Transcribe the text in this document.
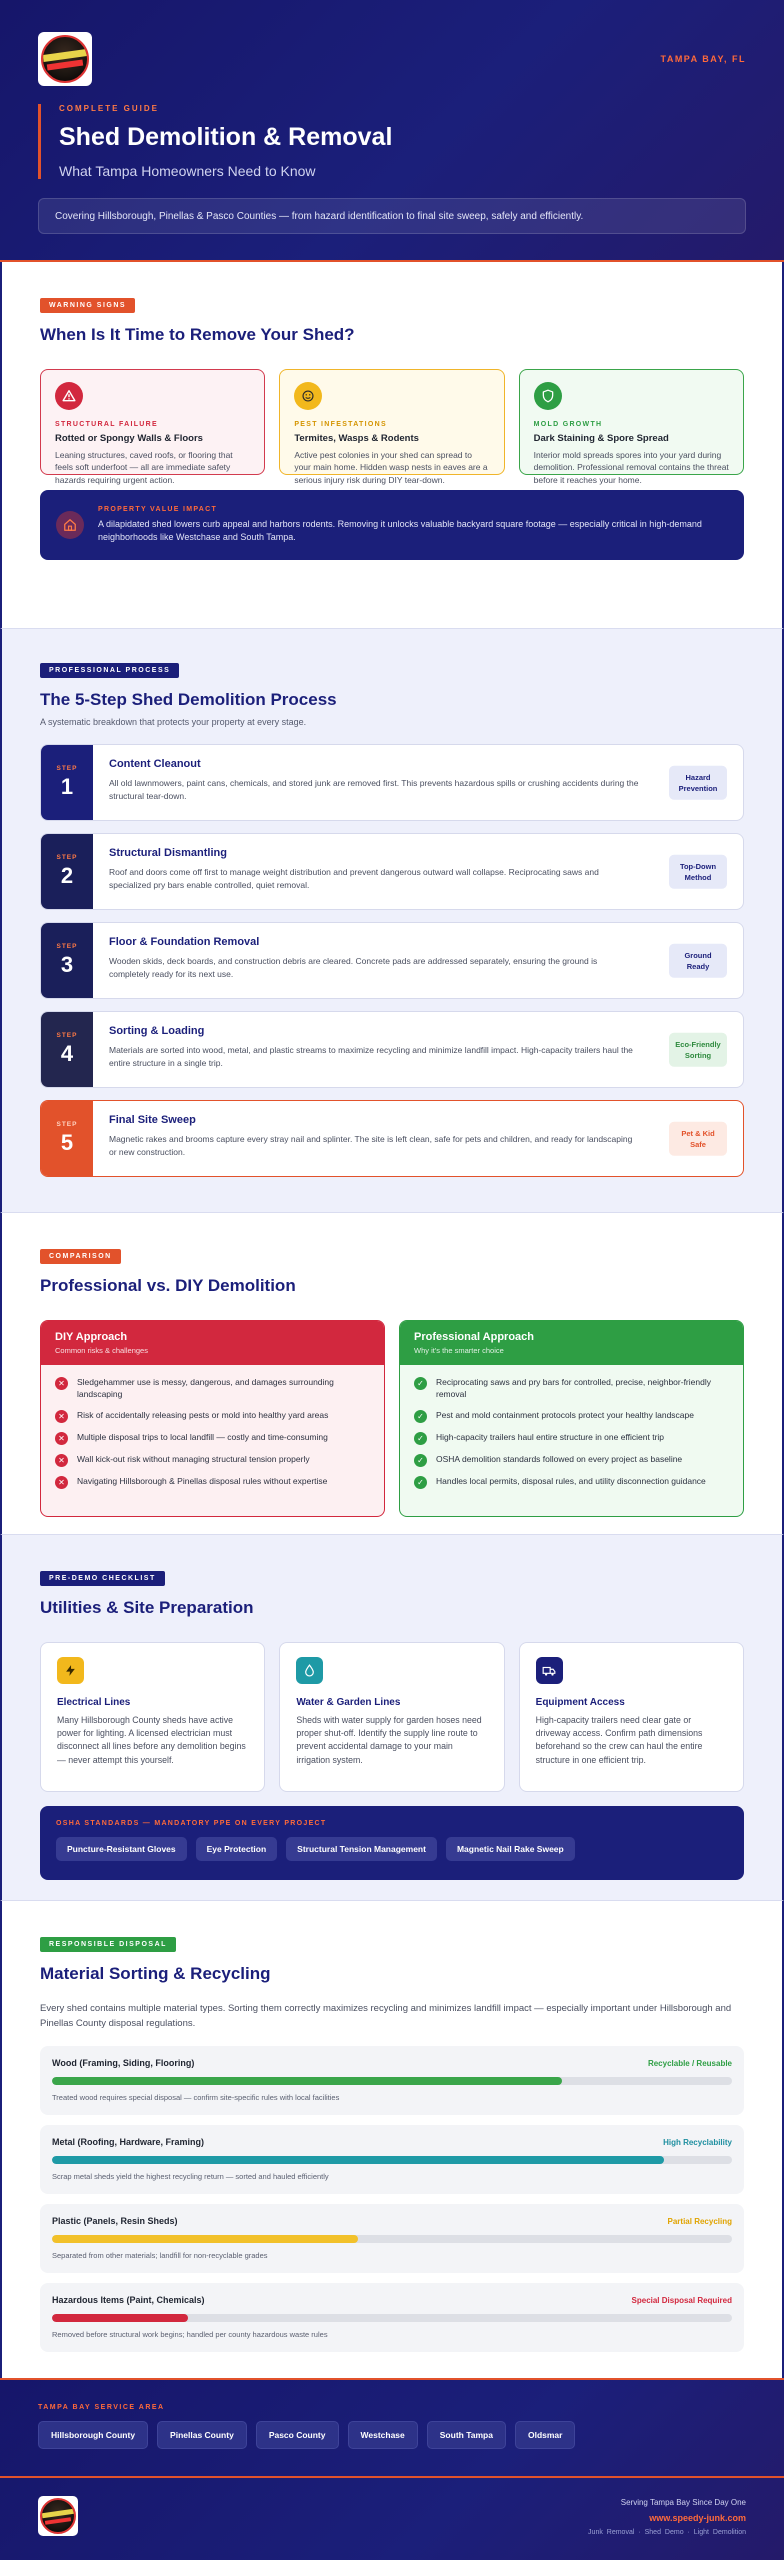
TAMPA BAY, FL
COMPLETE GUIDE
Shed Demolition & Removal
What Tampa Homeowners Need to Know
Covering Hillsborough, Pinellas & Pasco Counties — from hazard identification to final site sweep, safely and efficiently.
WARNING SIGNS
When Is It Time to Remove Your Shed?
STRUCTURAL FAILURE
Rotted or Spongy Walls & Floors
Leaning structures, caved roofs, or flooring that feels soft underfoot — all are immediate safety hazards requiring urgent action.
PEST INFESTATIONS
Termites, Wasps & Rodents
Active pest colonies in your shed can spread to your main home. Hidden wasp nests in eaves are a serious injury risk during DIY tear-down.
MOLD GROWTH
Dark Staining & Spore Spread
Interior mold spreads spores into your yard during demolition. Professional removal contains the threat before it reaches your home.
PROPERTY VALUE IMPACT
A dilapidated shed lowers curb appeal and harbors rodents. Removing it unlocks valuable backyard square footage — especially critical in high-demand neighborhoods like Westchase and South Tampa.
PROFESSIONAL PROCESS
The 5-Step Shed Demolition Process
A systematic breakdown that protects your property at every stage.
STEP
1
Content Cleanout
All old lawnmowers, paint cans, chemicals, and stored junk are removed first. This prevents hazardous spills or crushing accidents during the structural tear-down.
Hazard Prevention
STEP
2
Structural Dismantling
Roof and doors come off first to manage weight distribution and prevent dangerous outward wall collapse. Reciprocating saws and specialized pry bars enable controlled, quiet removal.
Top-Down Method
STEP
3
Floor & Foundation Removal
Wooden skids, deck boards, and construction debris are cleared. Concrete pads are addressed separately, ensuring the ground is completely ready for its next use.
Ground Ready
STEP
4
Sorting & Loading
Materials are sorted into wood, metal, and plastic streams to maximize recycling and minimize landfill impact. High-capacity trailers haul the entire structure in a single trip.
Eco-Friendly Sorting
STEP
5
Final Site Sweep
Magnetic rakes and brooms capture every stray nail and splinter. The site is left clean, safe for pets and children, and ready for landscaping or new construction.
Pet & Kid Safe
COMPARISON
Professional vs. DIY Demolition
DIY Approach
Common risks & challenges
✕	Sledgehammer use is messy, dangerous, and damages surrounding landscaping
✕	Risk of accidentally releasing pests or mold into healthy yard areas
✕	Multiple disposal trips to local landfill — costly and time-consuming
✕	Wall kick-out risk without managing structural tension properly
✕	Navigating Hillsborough & Pinellas disposal rules without expertise
Professional Approach
Why it's the smarter choice
✓	Reciprocating saws and pry bars for controlled, precise, neighbor-friendly removal
✓	Pest and mold containment protocols protect your healthy landscape
✓	High-capacity trailers haul entire structure in one efficient trip
✓	OSHA demolition standards followed on every project as baseline
✓	Handles local permits, disposal rules, and utility disconnection guidance
PRE-DEMO CHECKLIST
Utilities & Site Preparation
Electrical Lines
Many Hillsborough County sheds have active power for lighting. A licensed electrician must disconnect all lines before any demolition begins — never attempt this yourself.
Water & Garden Lines
Sheds with water supply for garden hoses need proper shut-off. Identify the supply line route to prevent accidental damage to your main irrigation system.
Equipment Access
High-capacity trailers need clear gate or driveway access. Confirm path dimensions beforehand so the crew can haul the entire structure in one efficient trip.
OSHA STANDARDS — MANDATORY PPE ON EVERY PROJECT
Puncture-Resistant Gloves	Eye Protection	Structural Tension Management	Magnetic Nail Rake Sweep
RESPONSIBLE DISPOSAL
Material Sorting & Recycling
Every shed contains multiple material types. Sorting them correctly maximizes recycling and minimizes landfill impact — especially important under Hillsborough and Pinellas County disposal regulations.
Wood (Framing, Siding, Flooring)	Recyclable / Reusable
Treated wood requires special disposal — confirm site-specific rules with local facilities
Metal (Roofing, Hardware, Framing)	High Recyclability
Scrap metal sheds yield the highest recycling return — sorted and hauled efficiently
Plastic (Panels, Resin Sheds)	Partial Recycling
Separated from other materials; landfill for non-recyclable grades
Hazardous Items (Paint, Chemicals)	Special Disposal Required
Removed before structural work begins; handled per county hazardous waste rules
TAMPA BAY SERVICE AREA
Hillsborough County	Pinellas County	Pasco County	Westchase	South Tampa	Oldsmar
Serving Tampa Bay Since Day One
www.speedy-junk.com
Junk Removal · Shed Demo · Light Demolition
